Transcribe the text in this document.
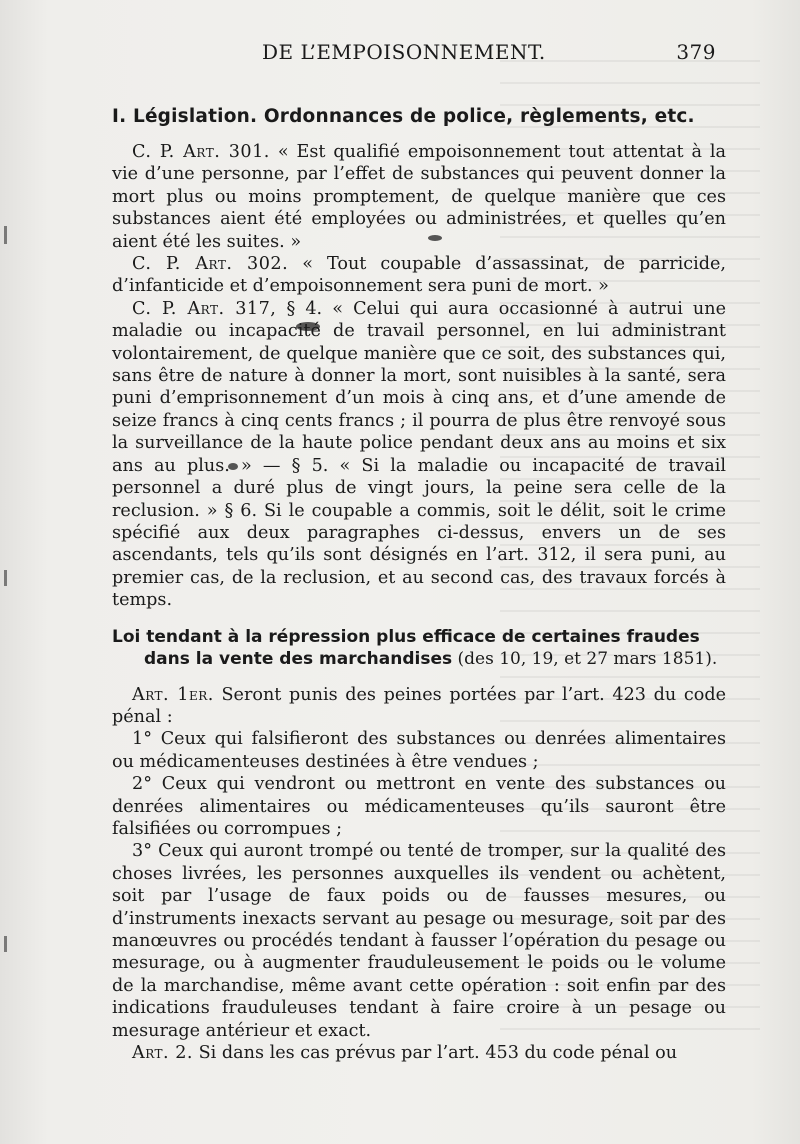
DE L’EMPOISONNEMENT.	379
I. Législation. Ordonnances de police, règlements, etc.

C. P. Art. 301. « Est qualifié empoisonnement tout attentat à la vie d’une personne, par l’effet de substances qui peuvent donner la mort plus ou moins promptement, de quelque manière que ces substances aient été employées ou administrées, et quelles qu’en aient été les suites. »

C. P. Art. 302. « Tout coupable d’assassinat, de parricide, d’infanticide et d’empoisonnement sera puni de mort. »

C. P. Art. 317, § 4. « Celui qui aura occasionné à autrui une maladie ou incapacité de travail personnel, en lui administrant volontairement, de quelque manière que ce soit, des substances qui, sans être de nature à donner la mort, sont nuisibles à la santé, sera puni d’emprisonnement d’un mois à cinq ans, et d’une amende de seize francs à cinq cents francs ; il pourra de plus être renvoyé sous la surveillance de la haute police pendant deux ans au moins et six ans au plus. » — § 5. « Si la maladie ou incapacité de travail personnel a duré plus de vingt jours, la peine sera celle de la reclusion. » § 6. Si le coupable a commis, soit le délit, soit le crime spécifié aux deux paragraphes ci-dessus, envers un de ses ascendants, tels qu’ils sont désignés en l’art. 312, il sera puni, au premier cas, de la reclusion, et au second cas, des travaux forcés à temps.

Loi tendant à la répression plus efficace de certaines fraudes
dans la vente des marchandises (des 10, 19, et 27 mars 1851).

Art. 1er. Seront punis des peines portées par l’art. 423 du code pénal :

1° Ceux qui falsifieront des substances ou denrées alimentaires ou médicamenteuses destinées à être vendues ;

2° Ceux qui vendront ou mettront en vente des substances ou denrées alimentaires ou médicamenteuses qu’ils sauront être falsifiées ou corrompues ;

3° Ceux qui auront trompé ou tenté de tromper, sur la qualité des choses livrées, les personnes auxquelles ils vendent ou achètent, soit par l’usage de faux poids ou de fausses mesures, ou d’instruments inexacts servant au pesage ou mesurage, soit par des manœuvres ou procédés tendant à fausser l’opération du pesage ou mesurage, ou à augmenter frauduleusement le poids ou le volume de la marchandise, même avant cette opération : soit enfin par des indications frauduleuses tendant à faire croire à un pesage ou mesurage antérieur et exact.

Art. 2. Si dans les cas prévus par l’art. 453 du code pénal ou
